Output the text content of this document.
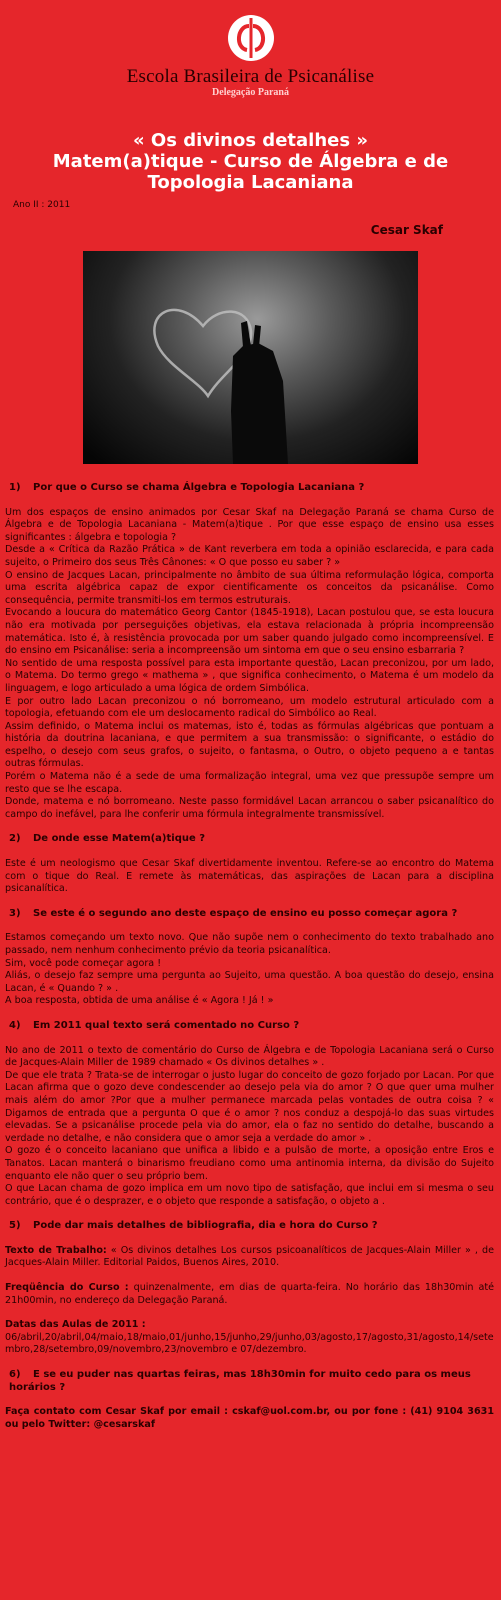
Escola Brasileira de Psicanálise
Delegação Paraná
« Os divinos detalhes »
Matem(a)tique - Curso de Álgebra e de
Topologia Lacaniana
Ano II : 2011
Cesar Skaf
1) Por que o Curso se chama Álgebra e Topologia Lacaniana ?

Um dos espaços de ensino animados por Cesar Skaf na Delegação Paraná se chama Curso de Álgebra e de Topologia Lacaniana - Matem(a)tique . Por que esse espaço de ensino usa esses significantes : álgebra e topologia ?

Desde a « Crítica da Razão Prática » de Kant reverbera em toda a opinião esclarecida, e para cada sujeito, o Primeiro dos seus Três Cânones: « O que posso eu saber ? »

O ensino de Jacques Lacan, principalmente no âmbito de sua última reformulação lógica, comporta uma escrita algébrica capaz de expor cientificamente os conceitos da psicanálise. Como consequência, permite transmiti-los em termos estruturais.

Evocando a loucura do matemático Georg Cantor (1845-1918), Lacan postulou que, se esta loucura não era motivada por perseguições objetivas, ela estava relacionada à própria incompreensão matemática. Isto é, à resistência provocada por um saber quando julgado como incompreensível. E do ensino em Psicanálise: seria a incompreensão um sintoma em que o seu ensino esbarraria ?

No sentido de uma resposta possível para esta importante questão, Lacan preconizou, por um lado, o Matema. Do termo grego « mathema » , que significa conhecimento, o Matema é um modelo da linguagem, e logo articulado a uma lógica de ordem Simbólica.

E por outro lado Lacan preconizou o nó borromeano, um modelo estrutural articulado com a topologia, efetuando com ele um deslocamento radical do Simbólico ao Real.

Assim definido, o Matema inclui os matemas, isto é, todas as fórmulas algébricas que pontuam a história da doutrina lacaniana, e que permitem a sua transmissão: o significante, o estádio do espelho, o desejo com seus grafos, o sujeito, o fantasma, o Outro, o objeto pequeno a e tantas outras fórmulas.

Porém o Matema não é a sede de uma formalização integral, uma vez que pressupõe sempre um resto que se lhe escapa.

Donde, matema e nó borromeano. Neste passo formidável Lacan arrancou o saber psicanalítico do campo do inefável, para lhe conferir uma fórmula integralmente transmissível.

2) De onde esse Matem(a)tique ?

Este é um neologismo que Cesar Skaf divertidamente inventou. Refere-se ao encontro do Matema com o tique do Real. E remete às matemáticas, das aspirações de Lacan para a disciplina psicanalítica.

3) Se este é o segundo ano deste espaço de ensino eu posso começar agora ?

Estamos começando um texto novo. Que não supõe nem o conhecimento do texto trabalhado ano passado, nem nenhum conhecimento prévio da teoria psicanalítica.

Sim, você pode começar agora !

Aliás, o desejo faz sempre uma pergunta ao Sujeito, uma questão. A boa questão do desejo, ensina Lacan, é « Quando ? » .

A boa resposta, obtida de uma análise é « Agora ! Já ! »

4) Em 2011 qual texto será comentado no Curso ?

No ano de 2011 o texto de comentário do Curso de Álgebra e de Topologia Lacaniana será o Curso de Jacques-Alain Miller de 1989 chamado « Os divinos detalhes » .

De que ele trata ? Trata-se de interrogar o justo lugar do conceito de gozo forjado por Lacan. Por que Lacan afirma que o gozo deve condescender ao desejo pela via do amor ? O que quer uma mulher mais além do amor ?Por que a mulher permanece marcada pelas vontades de outra coisa ? « Digamos de entrada que a pergunta O que é o amor ? nos conduz a despojá-lo das suas virtudes elevadas. Se a psicanálise procede pela via do amor, ela o faz no sentido do detalhe, buscando a verdade no detalhe, e não considera que o amor seja a verdade do amor » .

O gozo é o conceito lacaniano que unifica a libido e a pulsão de morte, a oposição entre Eros e Tanatos. Lacan manterá o binarismo freudiano como uma antinomia interna, da divisão do Sujeito enquanto ele não quer o seu próprio bem.

O que Lacan chama de gozo implica em um novo tipo de satisfação, que inclui em si mesma o seu contrário, que é o desprazer, e o objeto que responde a satisfação, o objeto a .

5) Pode dar mais detalhes de bibliografia, dia e hora do Curso ?

Texto de Trabalho: « Os divinos detalhes Los cursos psicoanalíticos de Jacques-Alain Miller » , de Jacques-Alain Miller. Editorial Paidos, Buenos Aires, 2010.

Freqüência do Curso : quinzenalmente, em dias de quarta-feira. No horário das 18h30min até 21h00min, no endereço da Delegação Paraná.

Datas das Aulas de 2011 :

06/abril,20/abril,04/maio,18/maio,01/junho,15/junho,29/junho,03/agosto,17/agosto,31/agosto,14/setembro,28/setembro,09/novembro,23/novembro e 07/dezembro.

6) E se eu puder nas quartas feiras, mas 18h30min for muito cedo para os meus horários ?

Faça contato com Cesar Skaf por email : cskaf@uol.com.br, ou por fone : (41) 9104 3631 ou pelo Twitter: @cesarskaf
